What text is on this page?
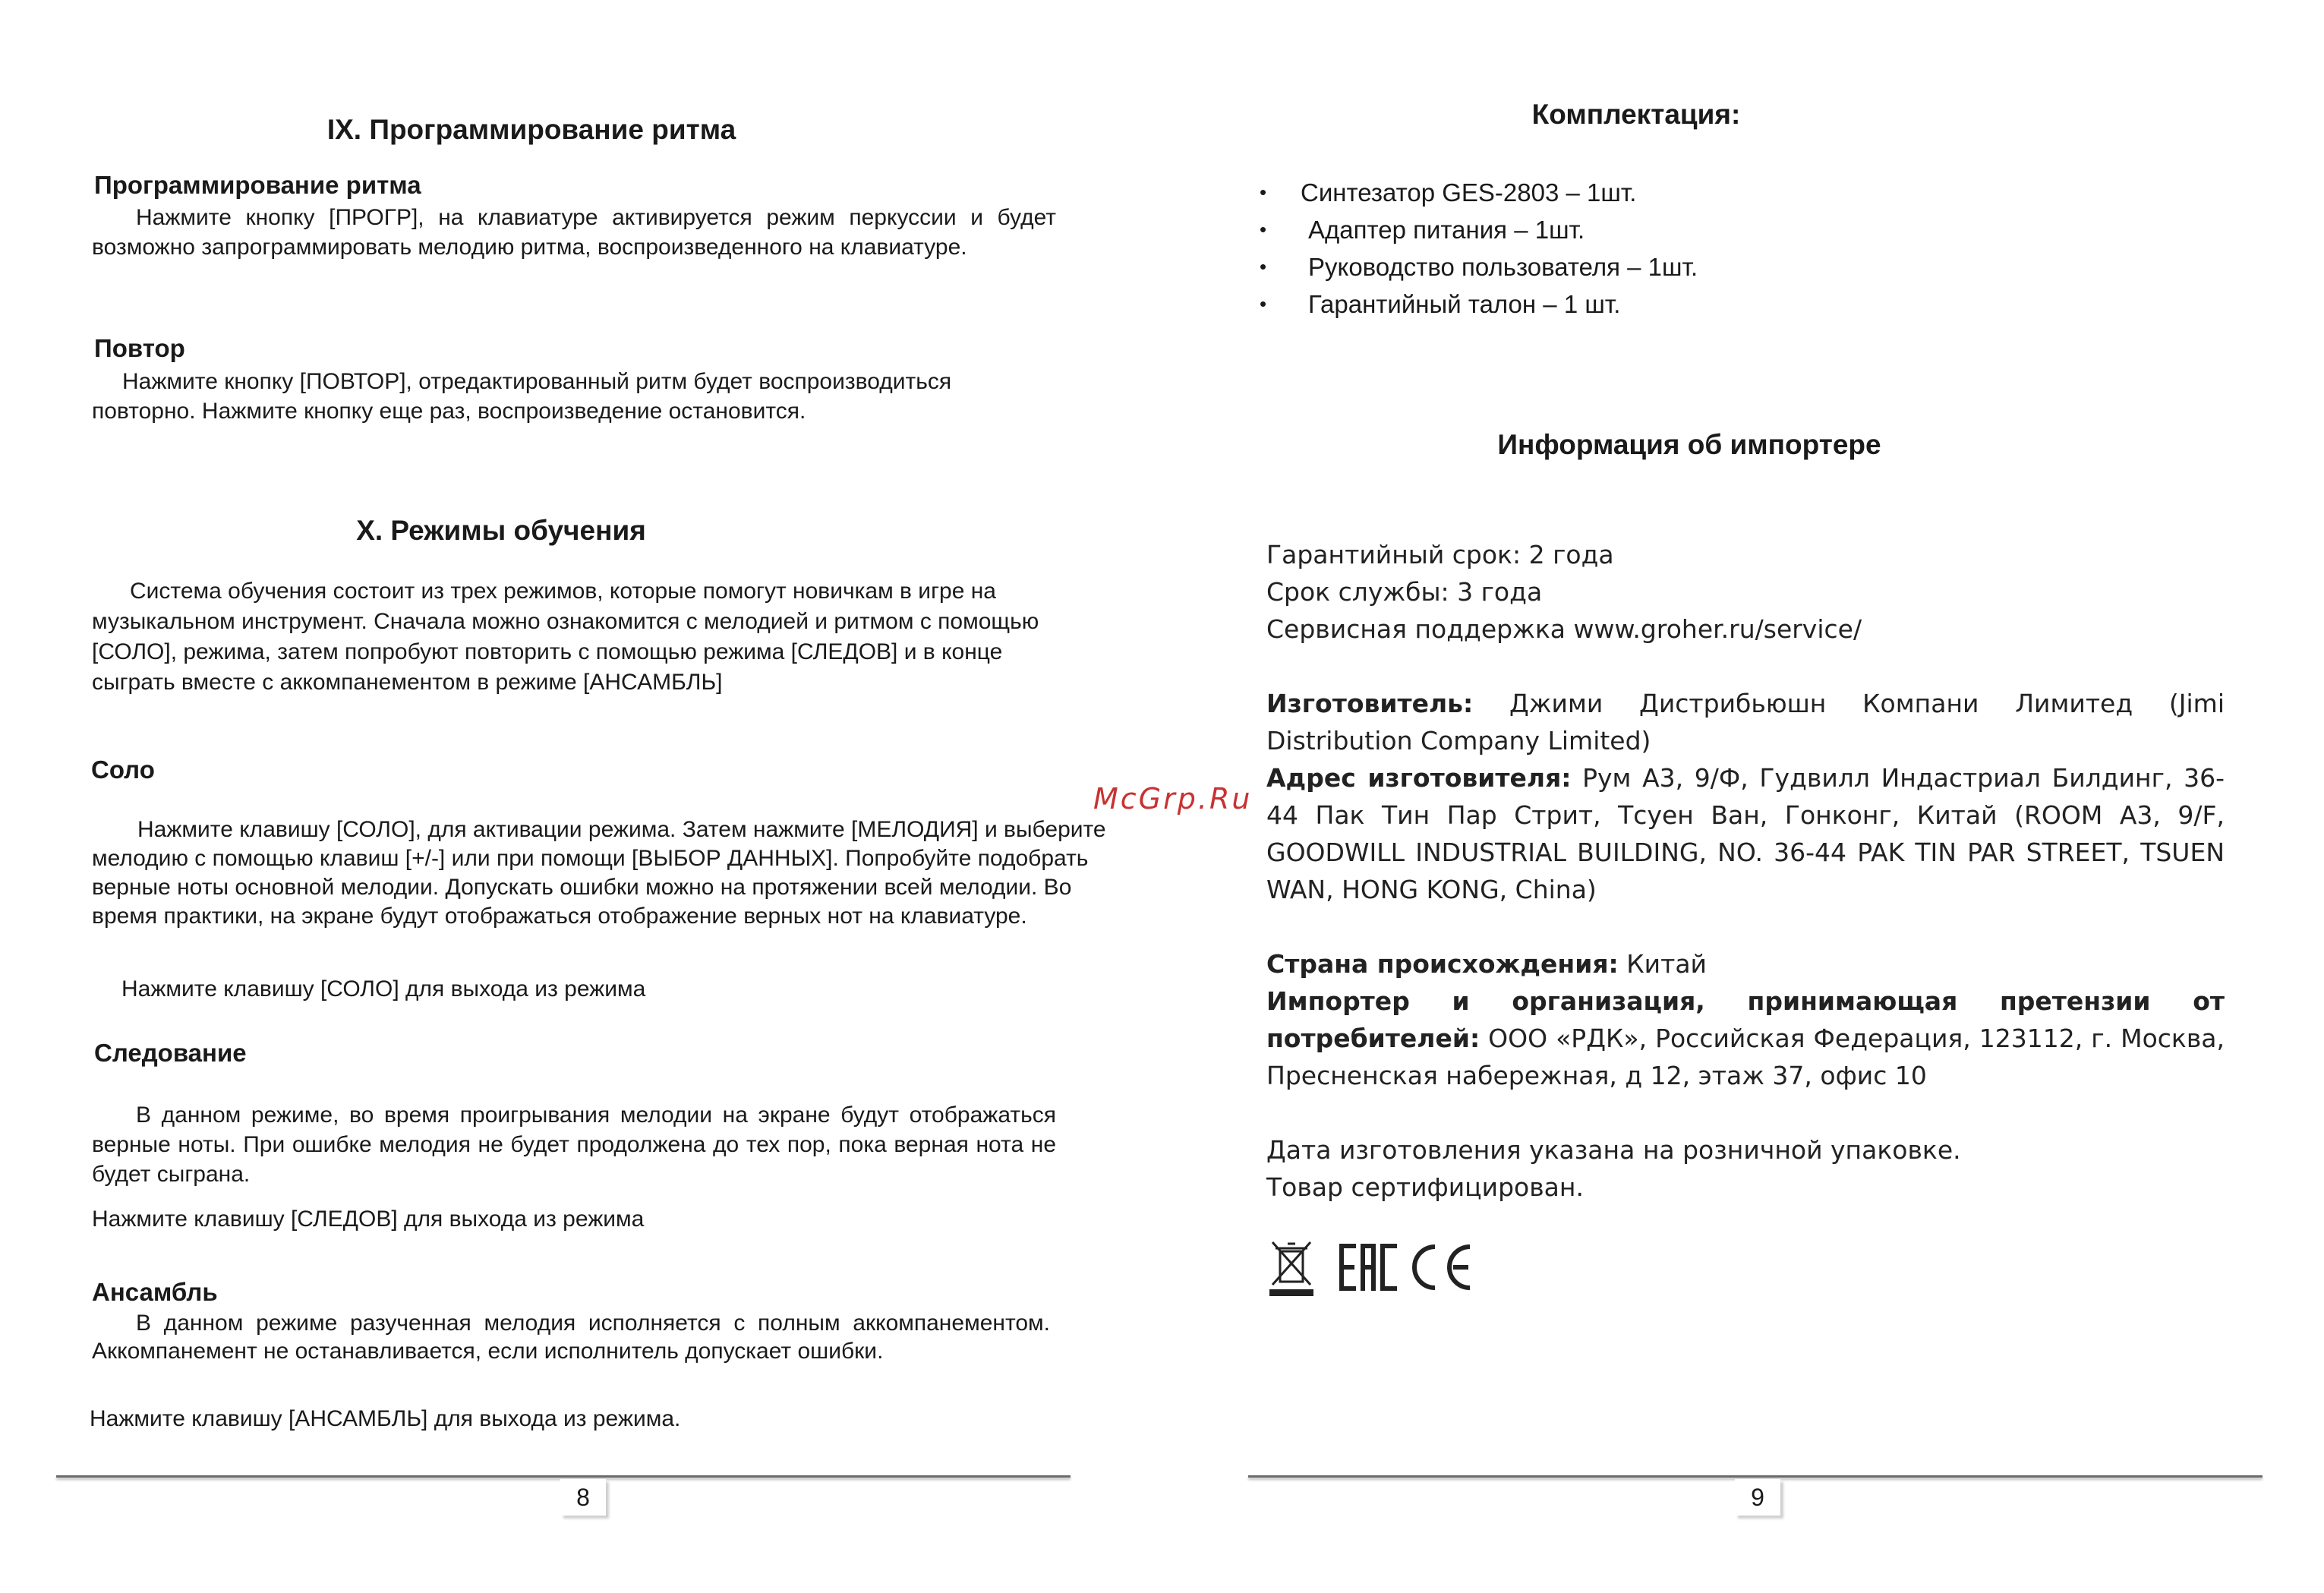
IX. Программирование ритма
Программирование ритма

Нажмите кнопку [ПРОГР], на клавиатуре активируется режим перкуссии и будет возможно запрограммировать мелодию ритма, воспроизведенного на клавиатуре.

Повтор

Нажмите кнопку [ПОВТОР], отредактированный ритм будет воспроизводиться повторно. Нажмите кнопку еще раз, воспроизведение остановится.

X. Режимы обучения

Система обучения состоит из трех режимов, которые помогут новичкам в игре на музыкальном инструмент. Сначала можно ознакомится с мелодией и ритмом с помощью [СОЛО], режима, затем попробуют повторить с помощью режима [СЛЕДОВ] и в конце сыграть вместе с аккомпанементом в режиме [АНСАМБЛЬ]

Соло

Нажмите клавишу [СОЛО], для активации режима. Затем нажмите [МЕЛОДИЯ] и выберите мелодию с помощью клавиш [+/-] или при помощи [ВЫБОР ДАННЫХ]. Попробуйте подобрать верные ноты основной мелодии. Допускать ошибки можно на протяжении всей мелодии. Во время практики, на экране будут отображаться отображение верных нот на клавиатуре.

Нажмите клавишу [СОЛО] для выхода из режима

Следование

В данном режиме, во время проигрывания мелодии на экране будут отображаться верные ноты. При ошибке мелодия не будет продолжена до тех пор, пока верная нота не будет сыграна.

Нажмите клавишу [СЛЕДОВ] для выхода из режима

Ансамбль

В данном режиме разученная мелодия исполняется с полным аккомпанементом. Аккомпанемент не останавливается, если исполнитель допускает ошибки.

Нажмите клавишу [АНСАМБЛЬ] для выхода из режима.

8
McGrp.Ru
Комплектация:
• Синтезатор GES-2803 – 1шт.
• Адаптер питания – 1шт.
• Руководство пользователя – 1шт.
• Гарантийный талон – 1 шт.
Информация об импортере

Гарантийный срок: 2 года

Срок службы: 3 года

Сервисная поддержка www.groher.ru/service/

Изготовитель: Джими Дистрибьюшн Компани Лимитед (Jimi Distribution Company Limited)

Адрес изготовителя: Рум А3, 9/Ф, Гудвилл Индастриал Билдинг, 36-44 Пак Тин Пар Стрит, Тсуен Ван, Гонконг, Китай (ROOM A3, 9/F, GOODWILL INDUSTRIAL BUILDING, NO. 36-44 PAK TIN PAR STREET, TSUEN WAN, HONG KONG, China)

Страна происхождения: Китай

Импортер и организация, принимающая претензии от потребителей: ООО «РДК», Российская Федерация, 123112, г. Москва, Пресненская набережная, д 12, этаж 37, офис 10

Дата изготовления указана на розничной упаковке.

Товар сертифицирован.

9
